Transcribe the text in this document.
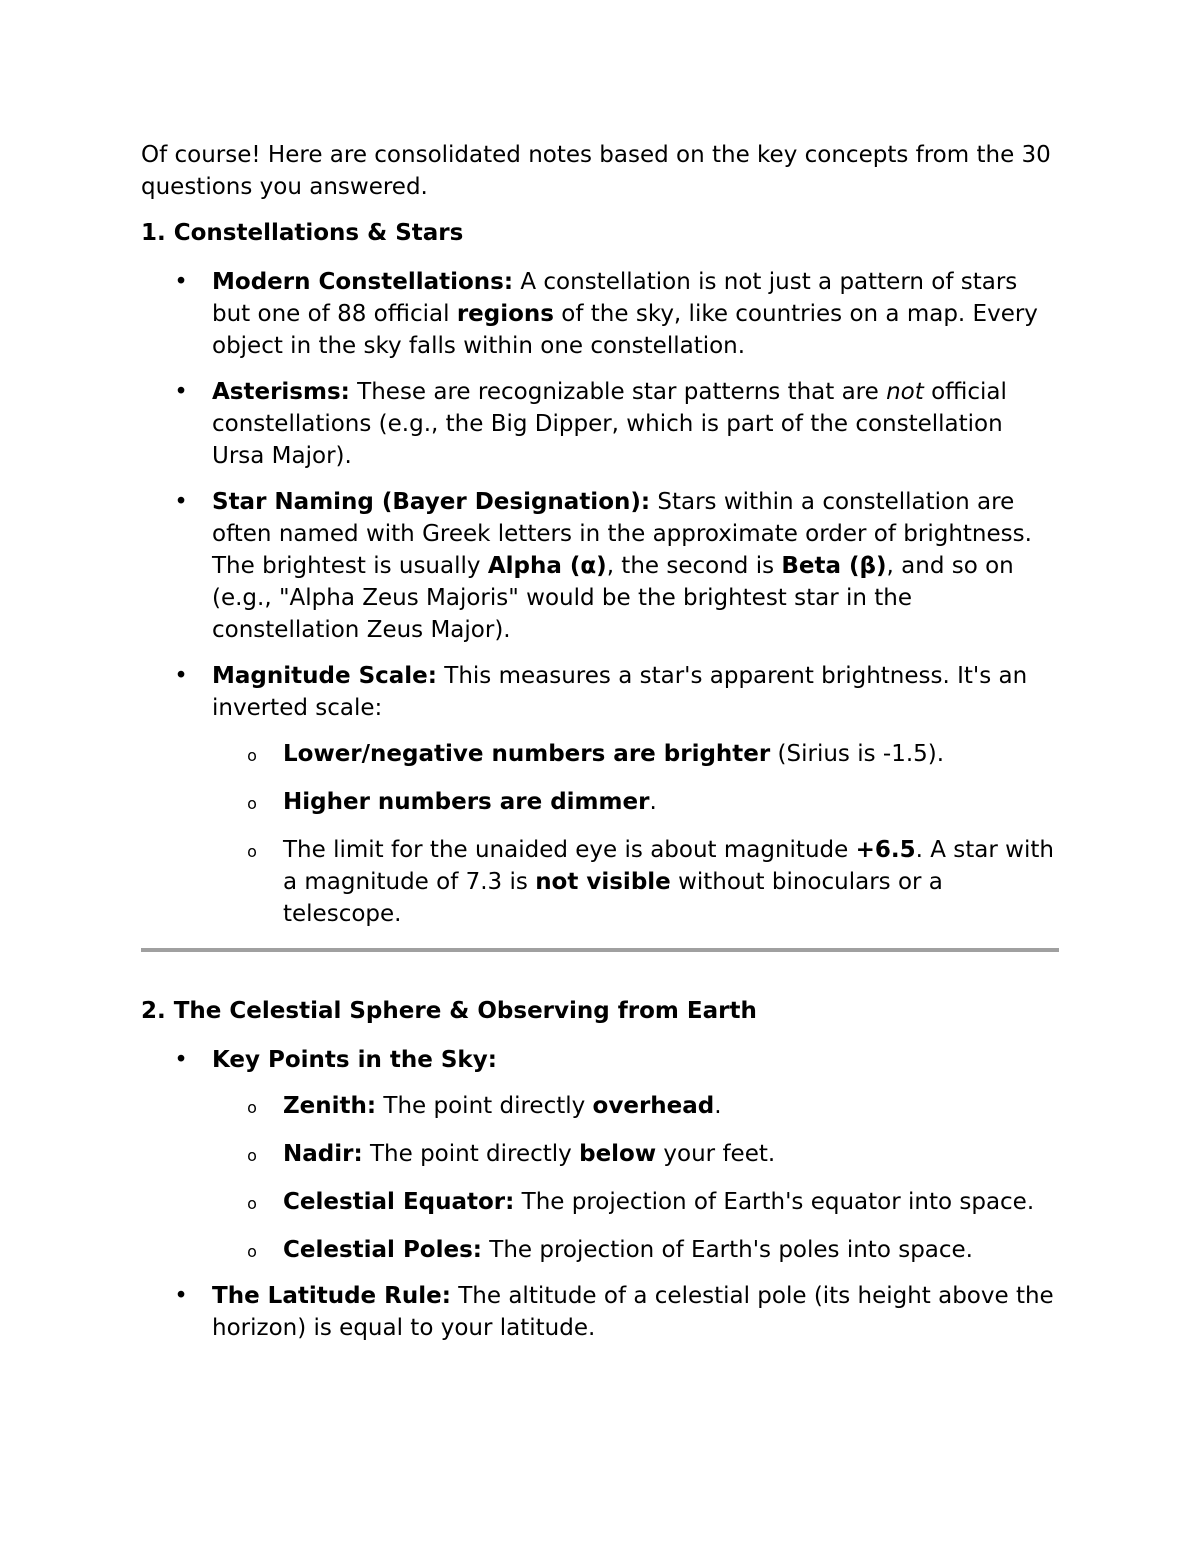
Of course! Here are consolidated notes based on the key concepts from the 30 questions you answered.

1. Constellations & Stars

• Modern Constellations: A constellation is not just a pattern of stars but one of 88 official regions of the sky, like countries on a map. Every object in the sky falls within one constellation.
• Asterisms: These are recognizable star patterns that are not official constellations (e.g., the Big Dipper, which is part of the constellation Ursa Major).
• Star Naming (Bayer Designation): Stars within a constellation are often named with Greek letters in the approximate order of brightness. The brightest is usually Alpha (α), the second is Beta (β), and so on (e.g., "Alpha Zeus Majoris" would be the brightest star in the constellation Zeus Major).
• Magnitude Scale: This measures a star's apparent brightness. It's an inverted scale:
o Lower/negative numbers are brighter (Sirius is -1.5).
o Higher numbers are dimmer.
o The limit for the unaided eye is about magnitude +6.5. A star with a magnitude of 7.3 is not visible without binoculars or a telescope.

2. The Celestial Sphere & Observing from Earth

• Key Points in the Sky:
o Zenith: The point directly overhead.
o Nadir: The point directly below your feet.
o Celestial Equator: The projection of Earth's equator into space.
o Celestial Poles: The projection of Earth's poles into space.
• The Latitude Rule: The altitude of a celestial pole (its height above the horizon) is equal to your latitude.
